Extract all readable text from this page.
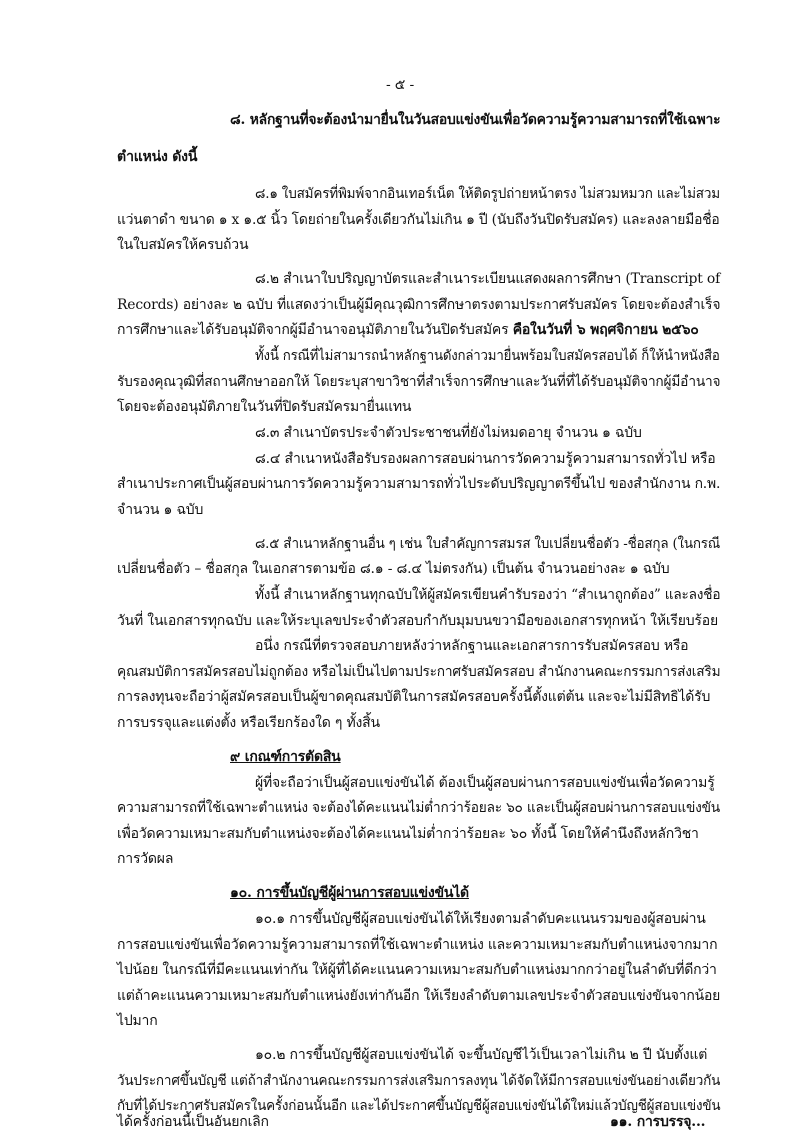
- ๕ -
๘. หลักฐานที่จะต้องนำมายื่นในวันสอบแข่งขันเพื่อวัดความรู้ความสามารถที่ใช้เฉพาะ
ตำแหน่ง ดังนี้
๘.๑ ใบสมัครที่พิมพ์จากอินเทอร์เน็ต ให้ติดรูปถ่ายหน้าตรง ไม่สวมหมวก และไม่สวม
แว่นตาดำ ขนาด ๑ x ๑.๕ นิ้ว โดยถ่ายในครั้งเดียวกันไม่เกิน ๑ ปี (นับถึงวันปิดรับสมัคร) และลงลายมือชื่อ
ในใบสมัครให้ครบถ้วน
๘.๒ สำเนาใบปริญญาบัตรและสำเนาระเบียนแสดงผลการศึกษา (Transcript of
Records) อย่างละ ๒ ฉบับ ที่แสดงว่าเป็นผู้มีคุณวุฒิการศึกษาตรงตามประกาศรับสมัคร โดยจะต้องสำเร็จ
การศึกษาและได้รับอนุมัติจากผู้มีอำนาจอนุมัติภายในวันปิดรับสมัคร คือในวันที่ ๖ พฤศจิกายน ๒๕๖๐
ทั้งนี้ กรณีที่ไม่สามารถนำหลักฐานดังกล่าวมายื่นพร้อมใบสมัครสอบได้ ก็ให้นำหนังสือ
รับรองคุณวุฒิที่สถานศึกษาออกให้ โดยระบุสาขาวิชาที่สำเร็จการศึกษาและวันที่ที่ได้รับอนุมัติจากผู้มีอำนาจ
โดยจะต้องอนุมัติภายในวันที่ปิดรับสมัครมายื่นแทน
๘.๓ สำเนาบัตรประจำตัวประชาชนที่ยังไม่หมดอายุ จำนวน ๑ ฉบับ
๘.๔ สำเนาหนังสือรับรองผลการสอบผ่านการวัดความรู้ความสามารถทั่วไป หรือ
สำเนาประกาศเป็นผู้สอบผ่านการวัดความรู้ความสามารถทั่วไประดับปริญญาตรีขึ้นไป ของสำนักงาน ก.พ.
จำนวน ๑ ฉบับ
๘.๕ สำเนาหลักฐานอื่น ๆ เช่น ใบสำคัญการสมรส ใบเปลี่ยนชื่อตัว -ชื่อสกุล (ในกรณี
เปลี่ยนชื่อตัว – ชื่อสกุล ในเอกสารตามข้อ ๘.๑ - ๘.๔ ไม่ตรงกัน) เป็นต้น จำนวนอย่างละ ๑ ฉบับ
ทั้งนี้ สำเนาหลักฐานทุกฉบับให้ผู้สมัครเขียนคำรับรองว่า “สำเนาถูกต้อง” และลงชื่อ
วันที่ ในเอกสารทุกฉบับ และให้ระบุเลขประจำตัวสอบกำกับมุมบนขวามือของเอกสารทุกหน้า ให้เรียบร้อย
อนึ่ง กรณีที่ตรวจสอบภายหลังว่าหลักฐานและเอกสารการรับสมัครสอบ หรือ
คุณสมบัติการสมัครสอบไม่ถูกต้อง หรือไม่เป็นไปตามประกาศรับสมัครสอบ สำนักงานคณะกรรมการส่งเสริม
การลงทุนจะถือว่าผู้สมัครสอบเป็นผู้ขาดคุณสมบัติในการสมัครสอบครั้งนี้ตั้งแต่ต้น และจะไม่มีสิทธิได้รับ
การบรรจุและแต่งตั้ง หรือเรียกร้องใด ๆ ทั้งสิ้น
๙ เกณฑ์การตัดสิน
ผู้ที่จะถือว่าเป็นผู้สอบแข่งขันได้ ต้องเป็นผู้สอบผ่านการสอบแข่งขันเพื่อวัดความรู้
ความสามารถที่ใช้เฉพาะตำแหน่ง จะต้องได้คะแนนไม่ต่ำกว่าร้อยละ ๖๐ และเป็นผู้สอบผ่านการสอบแข่งขัน
เพื่อวัดความเหมาะสมกับตำแหน่งจะต้องได้คะแนนไม่ต่ำกว่าร้อยละ ๖๐ ทั้งนี้ โดยให้คำนึงถึงหลักวิชา
การวัดผล
๑๐. การขึ้นบัญชีผู้ผ่านการสอบแข่งขันได้
๑๐.๑ การขึ้นบัญชีผู้สอบแข่งขันได้ให้เรียงตามลำดับคะแนนรวมของผู้สอบผ่าน
การสอบแข่งขันเพื่อวัดความรู้ความสามารถที่ใช้เฉพาะตำแหน่ง และความเหมาะสมกับตำแหน่งจากมาก
ไปน้อย ในกรณีที่มีคะแนนเท่ากัน ให้ผู้ที่ได้คะแนนความเหมาะสมกับตำแหน่งมากกว่าอยู่ในลำดับที่ดีกว่า
แต่ถ้าคะแนนความเหมาะสมกับตำแหน่งยังเท่ากันอีก ให้เรียงลำดับตามเลขประจำตัวสอบแข่งขันจากน้อย
ไปมาก
๑๐.๒ การขึ้นบัญชีผู้สอบแข่งขันได้ จะขึ้นบัญชีไว้เป็นเวลาไม่เกิน ๒ ปี นับตั้งแต่
วันประกาศขึ้นบัญชี แต่ถ้าสำนักงานคณะกรรมการส่งเสริมการลงทุน ได้จัดให้มีการสอบแข่งขันอย่างเดียวกัน
กับที่ได้ประกาศรับสมัครในครั้งก่อนนั้นอีก และได้ประกาศขึ้นบัญชีผู้สอบแข่งขันได้ใหม่แล้วบัญชีผู้สอบแข่งขัน
ได้ครั้งก่อนนี้เป็นอันยกเลิก	๑๑. การบรรจุ...
